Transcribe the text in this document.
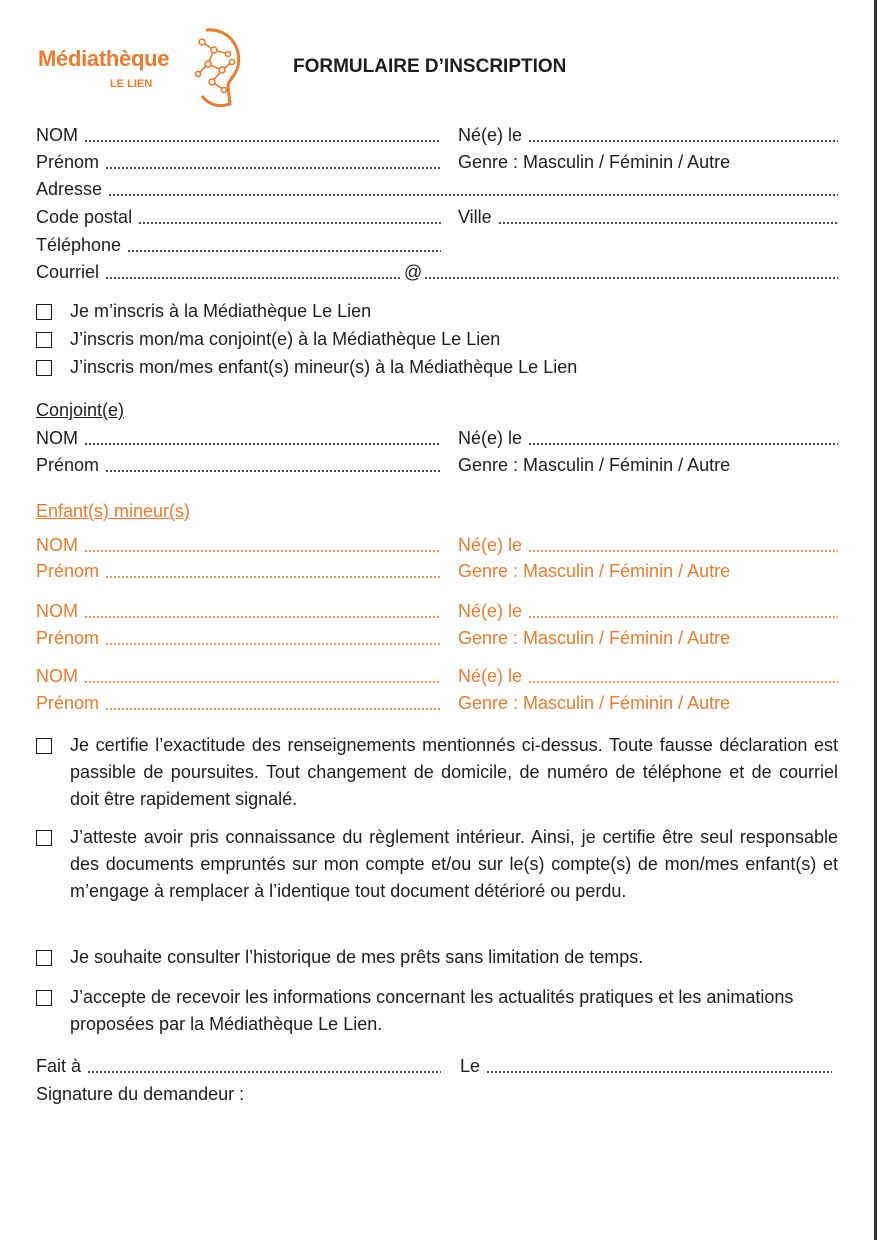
Médiathèque
LE LIEN
FORMULAIRE D’INSCRIPTION
NOM	Né(e) le
Prénom	Genre : Masculin / Féminin / Autre
Adresse
Code postal	Ville
Téléphone
Courriel	@
Je m’inscris à la Médiathèque Le Lien
J’inscris mon/ma conjoint(e) à la Médiathèque Le Lien
J’inscris mon/mes enfant(s) mineur(s) à la Médiathèque Le Lien
Conjoint(e)
NOM	Né(e) le
Prénom	Genre : Masculin / Féminin / Autre
Enfant(s) mineur(s)
NOM	Né(e) le
Prénom	Genre : Masculin / Féminin / Autre
NOM	Né(e) le
Prénom	Genre : Masculin / Féminin / Autre
NOM	Né(e) le
Prénom	Genre : Masculin / Féminin / Autre
Je certifie l’exactitude des renseignements mentionnés ci-dessus. Toute fausse déclaration est passible de poursuites. Tout changement de domicile, de numéro de téléphone et de courriel doit être rapidement signalé.
J’atteste avoir pris connaissance du règlement intérieur. Ainsi, je certifie être seul responsable des documents empruntés sur mon compte et/ou sur le(s) compte(s) de mon/mes enfant(s) et m’engage à remplacer à l’identique tout document détérioré ou perdu.
Je souhaite consulter l’historique de mes prêts sans limitation de temps.
J’accepte de recevoir les informations concernant les actualités pratiques et les animations proposées par la Médiathèque Le Lien.
Fait à	Le
Signature du demandeur :
